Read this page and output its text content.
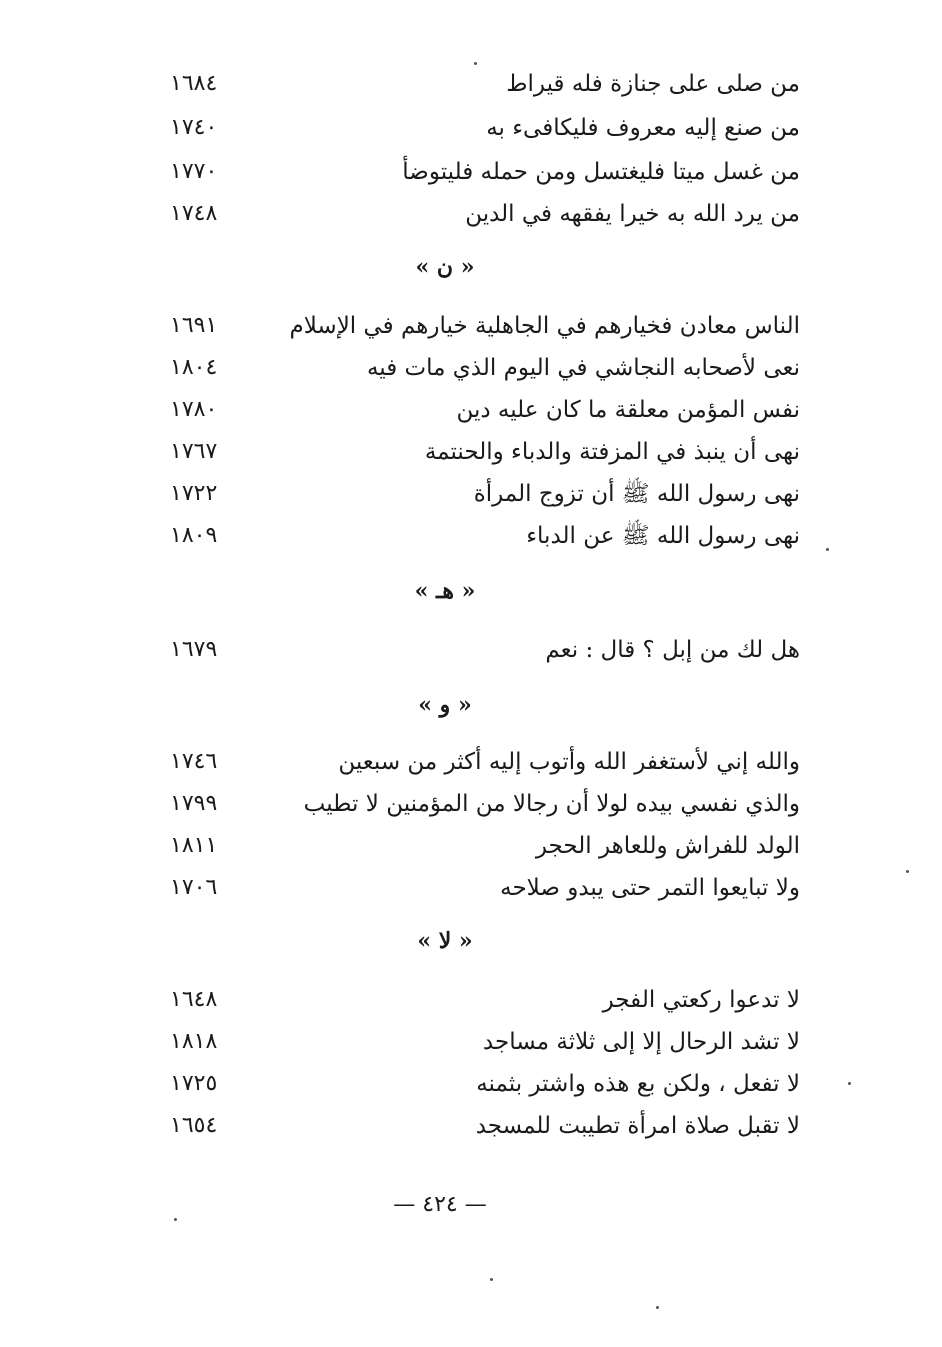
من صلى على جنازة فله قيراط
١٦٨٤
من صنع إليه معروف فليكافىء به
١٧٤٠
من غسل ميتا فليغتسل ومن حمله فليتوضأ
١٧٧٠
من يرد الله به خيرا يفقهه في الدين
١٧٤٨
« ن »
الناس معادن فخيارهم في الجاهلية خيارهم في الإسلام
١٦٩١
نعى لأصحابه النجاشي في اليوم الذي مات فيه
١٨٠٤
نفس المؤمن معلقة ما كان عليه دين
١٧٨٠
نهى أن ينبذ في المزفتة والدباء والحنتمة
١٧٦٧
نهى رسول الله ﷺ أن تزوج المرأة
١٧٢٢
نهى رسول الله ﷺ عن الدباء
١٨٠٩
« هـ »
هل لك من إبل ؟ قال : نعم
١٦٧٩
« و »
والله إني لأستغفر الله وأتوب إليه أكثر من سبعين
١٧٤٦
والذي نفسي بيده لولا أن رجالا من المؤمنين لا تطيب
١٧٩٩
الولد للفراش وللعاهر الحجر
١٨١١
ولا تبايعوا التمر حتى يبدو صلاحه
١٧٠٦
« لا »
لا تدعوا ركعتي الفجر
١٦٤٨
لا تشد الرحال إلا إلى ثلاثة مساجد
١٨١٨
لا تفعل ، ولكن بع هذه واشتر بثمنه
١٧٢٥
لا تقبل صلاة امرأة تطيبت للمسجد
١٦٥٤
— ٤٢٤ —
